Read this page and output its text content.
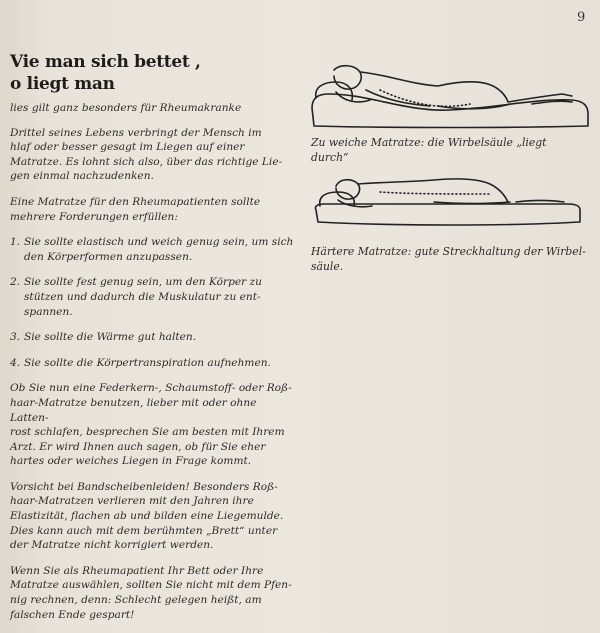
9
Vie man sich bettet ,
o liegt man

lies gilt ganz besonders für Rheumakranke

Drittel seines Lebens verbringt der Mensch im
hlaf oder besser gesagt im Liegen auf einer
Matratze. Es lohnt sich also, über das richtige Lie-
gen einmal nachzudenken.

Eine Matratze für den Rheumapatienten sollte
mehrere Forderungen erfüllen:

1. Sie sollte elastisch und weich genug sein, um sich
den Körperformen anzupassen.
2. Sie sollte fest genug sein, um den Körper zu
stützen und dadurch die Muskulatur zu ent-
spannen.
3. Sie sollte die Wärme gut halten.
4. Sie sollte die Körpertranspiration aufnehmen.

Ob Sie nun eine Federkern-, Schaumstoff- oder Roß-
haar-Matratze benutzen, lieber mit oder ohne Latten-
rost schlafen, besprechen Sie am besten mit Ihrem
Arzt. Er wird Ihnen auch sagen, ob für Sie eher
hartes oder weiches Liegen in Frage kommt.

Vorsicht bei Bandscheibenleiden! Besonders Roß-
haar-Matratzen verlieren mit den Jahren ihre
Elastizität, flachen ab und bilden eine Liegemulde.
Dies kann auch mit dem berühmten „Brett“ unter
der Matratze nicht korrigiert werden.

Wenn Sie als Rheumapatient Ihr Bett oder Ihre
Matratze auswählen, sollten Sie nicht mit dem Pfen-
nig rechnen, denn: Schlecht gelegen heißt, am
falschen Ende gespart!

Zu weiche Matratze: die Wirbelsäule „liegt durch“
Härtere Matratze: gute Streckhaltung der Wirbel-
säule.
